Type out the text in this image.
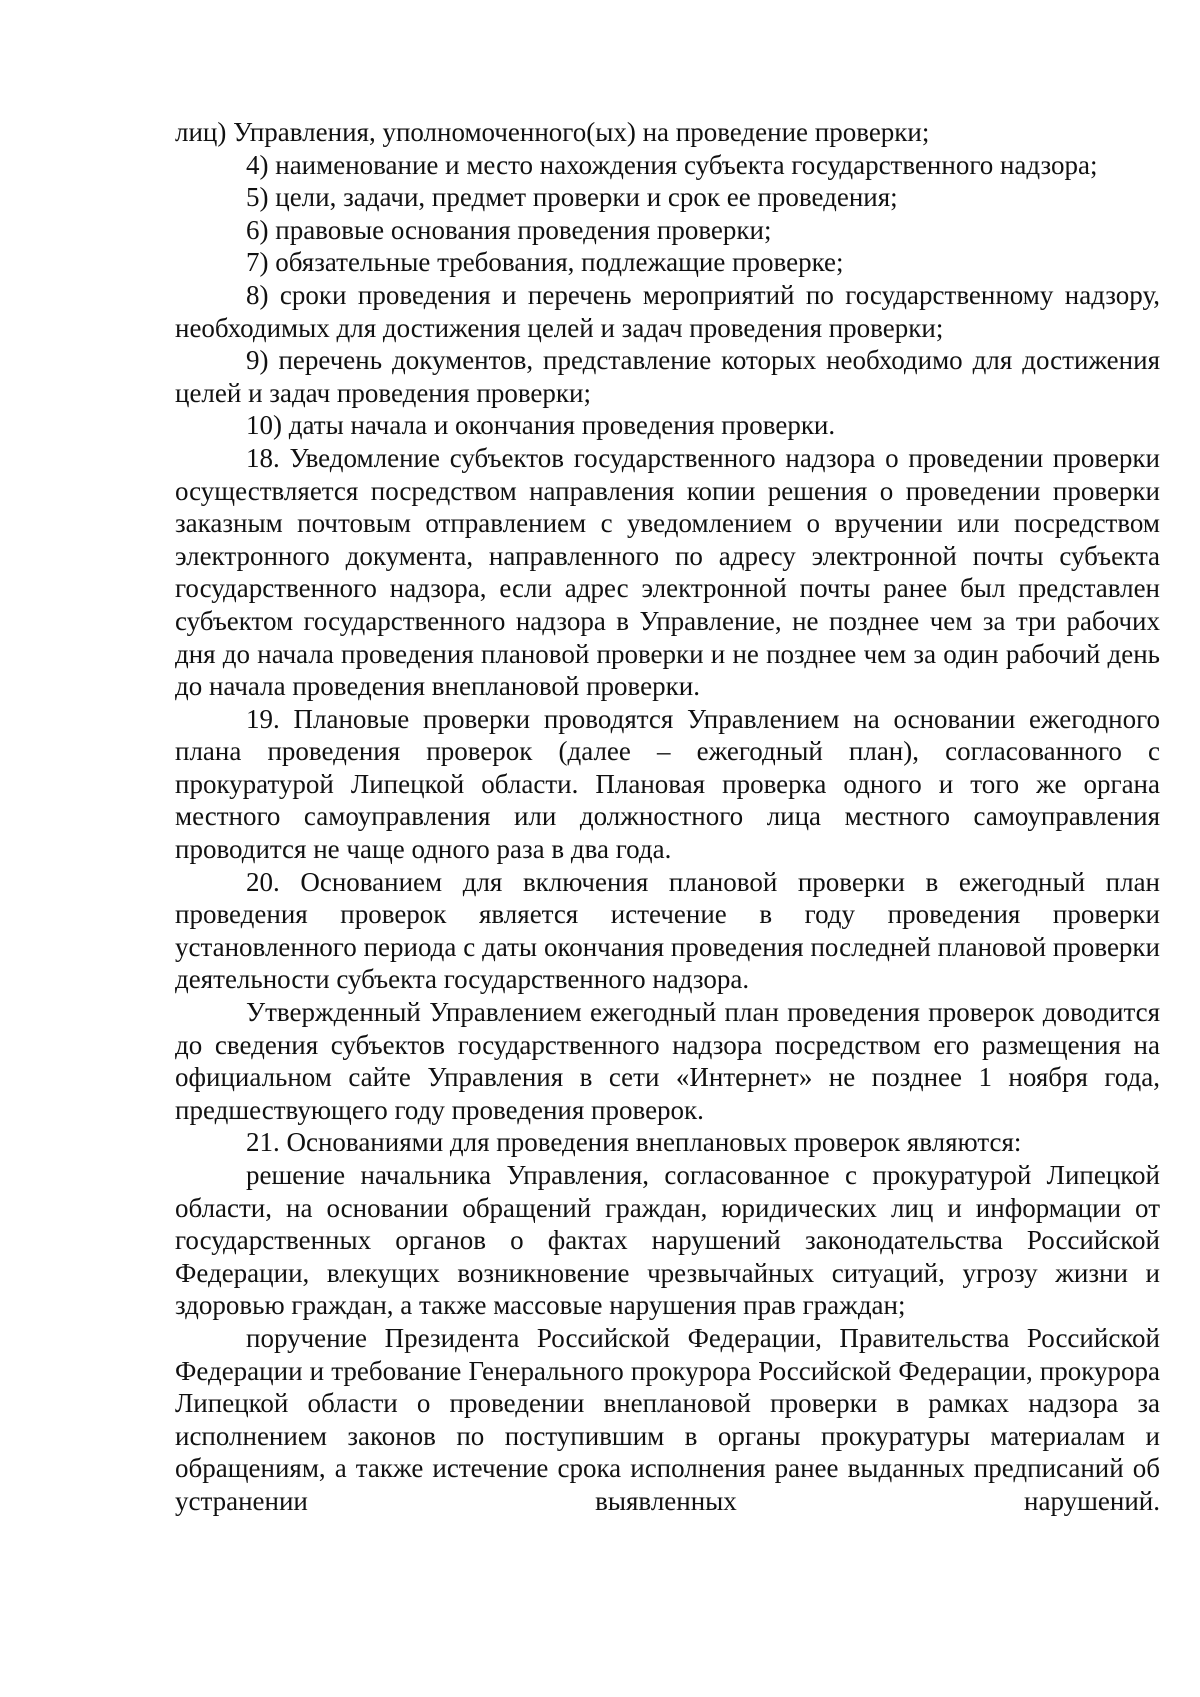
лиц) Управления, уполномоченного(ых) на проведение проверки;

4) наименование и место нахождения субъекта государственного надзора;

5) цели, задачи, предмет проверки и срок ее проведения;

6) правовые основания проведения проверки;

7) обязательные требования, подлежащие проверке;

8) сроки проведения и перечень мероприятий по государственному надзору, необходимых для достижения целей и задач проведения проверки;

9) перечень документов, представление которых необходимо для достижения целей и задач проведения проверки;

10) даты начала и окончания проведения проверки.

18. Уведомление субъектов государственного надзора о проведении проверки осуществляется посредством направления копии решения о проведении проверки заказным почтовым отправлением с уведомлением о вручении или посредством электронного документа, направленного по адресу электронной почты субъекта государственного надзора, если адрес электронной почты ранее был представлен субъектом государственного надзора в Управление, не позднее чем за три рабочих дня до начала проведения плановой проверки и не позднее чем за один рабочий день до начала проведения внеплановой проверки.

19. Плановые проверки проводятся Управлением на основании ежегодного плана проведения проверок (далее – ежегодный план), согласованного с прокуратурой Липецкой области. Плановая проверка одного и того же органа местного самоуправления или должностного лица местного самоуправления проводится не чаще одного раза в два года.

20. Основанием для включения плановой проверки в ежегодный план проведения проверок является истечение в году проведения проверки установленного периода с даты окончания проведения последней плановой проверки деятельности субъекта государственного надзора.

Утвержденный Управлением ежегодный план проведения проверок доводится до сведения субъектов государственного надзора посредством его размещения на официальном сайте Управления в сети «Интернет» не позднее 1 ноября года, предшествующего году проведения проверок.

21. Основаниями для проведения внеплановых проверок являются:

решение начальника Управления, согласованное с прокуратурой Липецкой области, на основании обращений граждан, юридических лиц и информации от государственных органов о фактах нарушений законодательства Российской Федерации, влекущих возникновение чрезвычайных ситуаций, угрозу жизни и здоровью граждан, а также массовые нарушения прав граждан;

поручение Президента Российской Федерации, Правительства Российской Федерации и требование Генерального прокурора Российской Федерации, прокурора Липецкой области о проведении внеплановой проверки в рамках надзора за исполнением законов по поступившим в органы прокуратуры материалам и обращениям, а также истечение срока исполнения ранее выданных предписаний об устранении выявленных нарушений.
